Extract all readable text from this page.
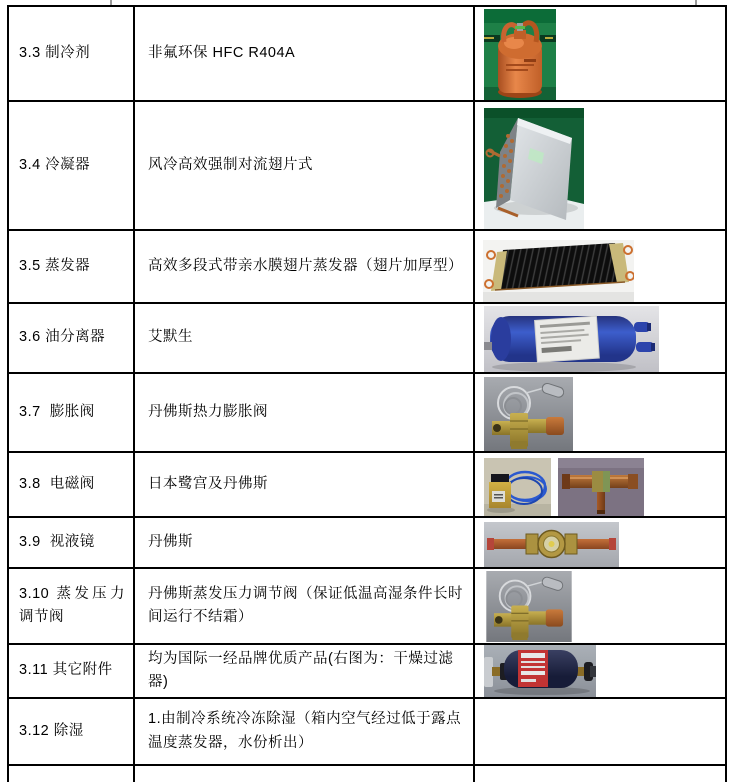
3.3 制冷剂	非氟环保 HFC R404A

3.4 冷凝器	风冷高效强制对流翅片式

3.5 蒸发器	高效多段式带亲水膜翅片蒸发器（翅片加厚型）

3.6 油分离器	艾默生

3.7  膨胀阀	丹佛斯热力膨胀阀

3.8  电磁阀	日本鹭宫及丹佛斯

3.9  视液镜	丹佛斯

3.10 蒸发压力调节阀	丹佛斯蒸发压力调节阀（保证低温高湿条件长时间运行不结霜）

3.11 其它附件	均为国际一经品牌优质产品(右图为：干燥过滤器)

3.12 除湿	1.由制冷系统冷冻除湿（箱内空气经过低于露点温度蒸发器，水份析出）	
